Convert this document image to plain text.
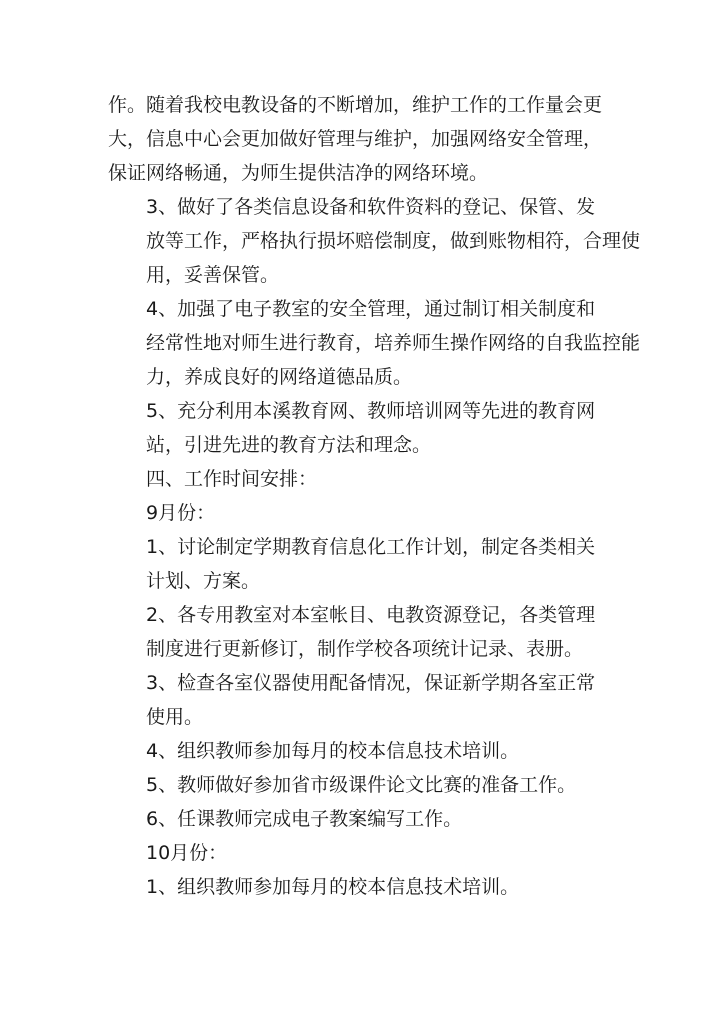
作。随着我校电教设备的不断增加，维护工作的工作量会更
大，信息中心会更加做好管理与维护，加强网络安全管理，
保证网络畅通，为师生提供洁净的网络环境。
3、做好了各类信息设备和软件资料的登记、保管、发
放等工作，严格执行损坏赔偿制度，做到账物相符，合理使
用，妥善保管。
4、加强了电子教室的安全管理，通过制订相关制度和
经常性地对师生进行教育，培养师生操作网络的自我监控能
力，养成良好的网络道德品质。
5、充分利用本溪教育网、教师培训网等先进的教育网
站，引进先进的教育方法和理念。
四、工作时间安排：
9月份：
1、讨论制定学期教育信息化工作计划，制定各类相关
计划、方案。
2、各专用教室对本室帐目、电教资源登记，各类管理
制度进行更新修订，制作学校各项统计记录、表册。
3、检查各室仪器使用配备情况，保证新学期各室正常
使用。
4、组织教师参加每月的校本信息技术培训。
5、教师做好参加省市级课件论文比赛的准备工作。
6、任课教师完成电子教案编写工作。
10月份：
1、组织教师参加每月的校本信息技术培训。
